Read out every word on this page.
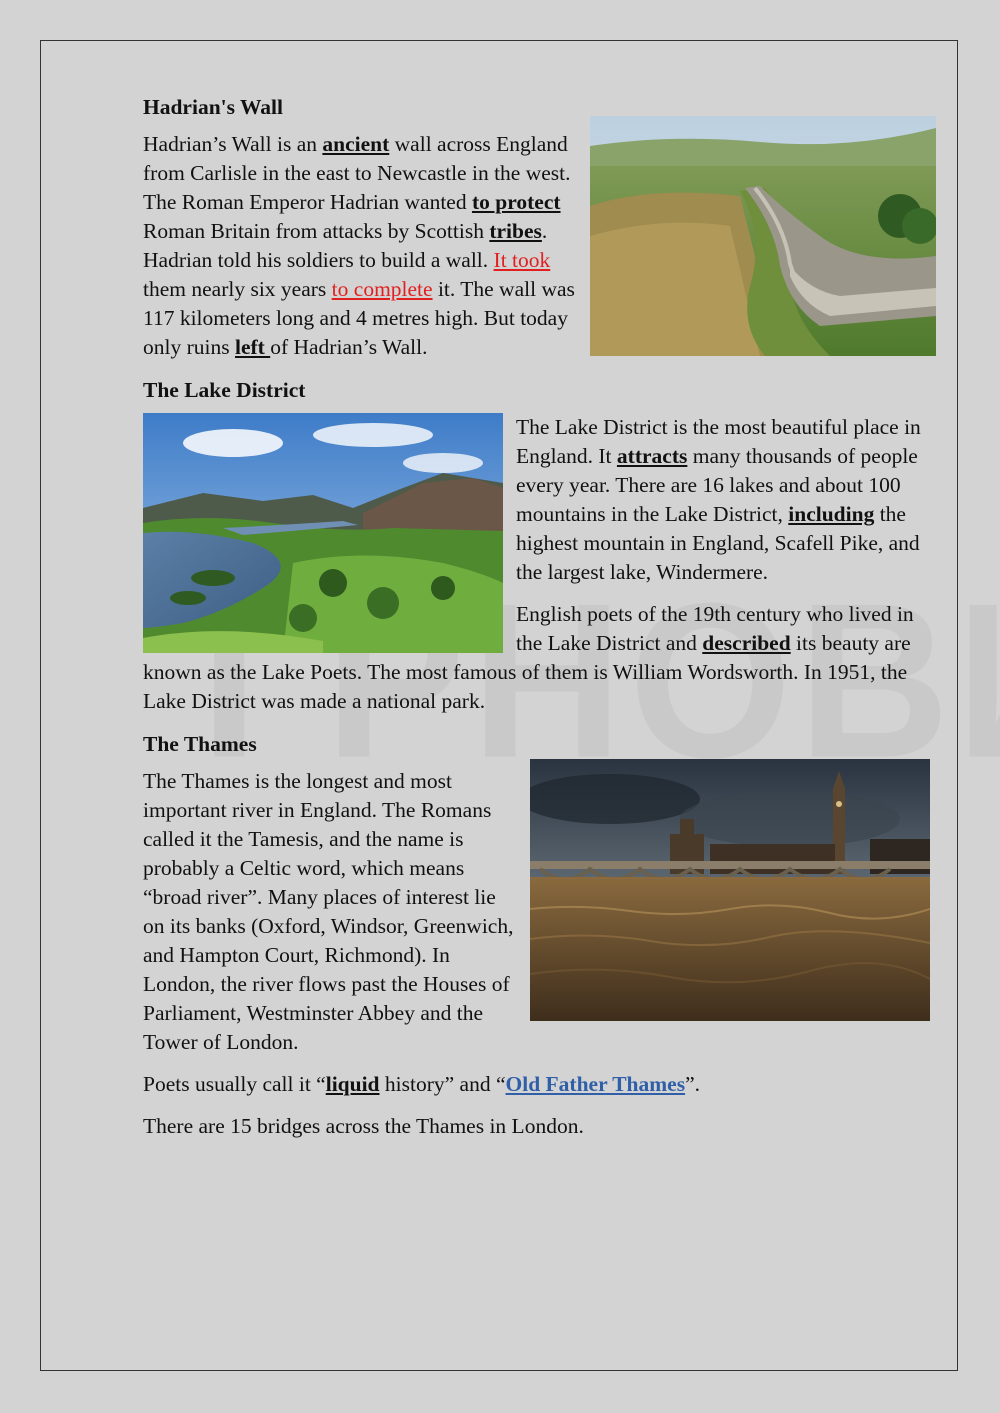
Hadrian's Wall

Hadrian’s Wall is an ancient wall across England from Carlisle in the east to Newcastle in the west. The Roman Emperor Hadrian wanted to protect Roman Britain from attacks by Scottish tribes. Hadrian told his soldiers to build a wall. It took them nearly six years to complete it. The wall was 117 kilometers long and 4 metres high. But today only ruins left of Hadrian’s Wall.

The Lake District

The Lake District is the most beautiful place in England. It attracts many thousands of people every year. There are 16 lakes and about 100 mountains in the Lake District, including the highest mountain in England, Scafell Pike, and the largest lake, Windermere.

English poets of the 19th century who lived in the Lake District and described its beauty are known as the Lake Poets. The most famous of them is William Wordsworth. In 1951, the Lake District was made a national park.

The Thames

The Thames is the longest and most important river in England. The Romans called it the Tamesis, and the name is probably a Celtic word, which means “broad river”. Many places of interest lie on its banks (Oxford, Windsor, Greenwich, and Hampton Court, Richmond). In London, the river flows past the Houses of Parliament, Westminster Abbey and the Tower of London.

Poets usually call it “liquid history” and “Old Father Thames”.

There are 15 bridges across the Thames in London.
